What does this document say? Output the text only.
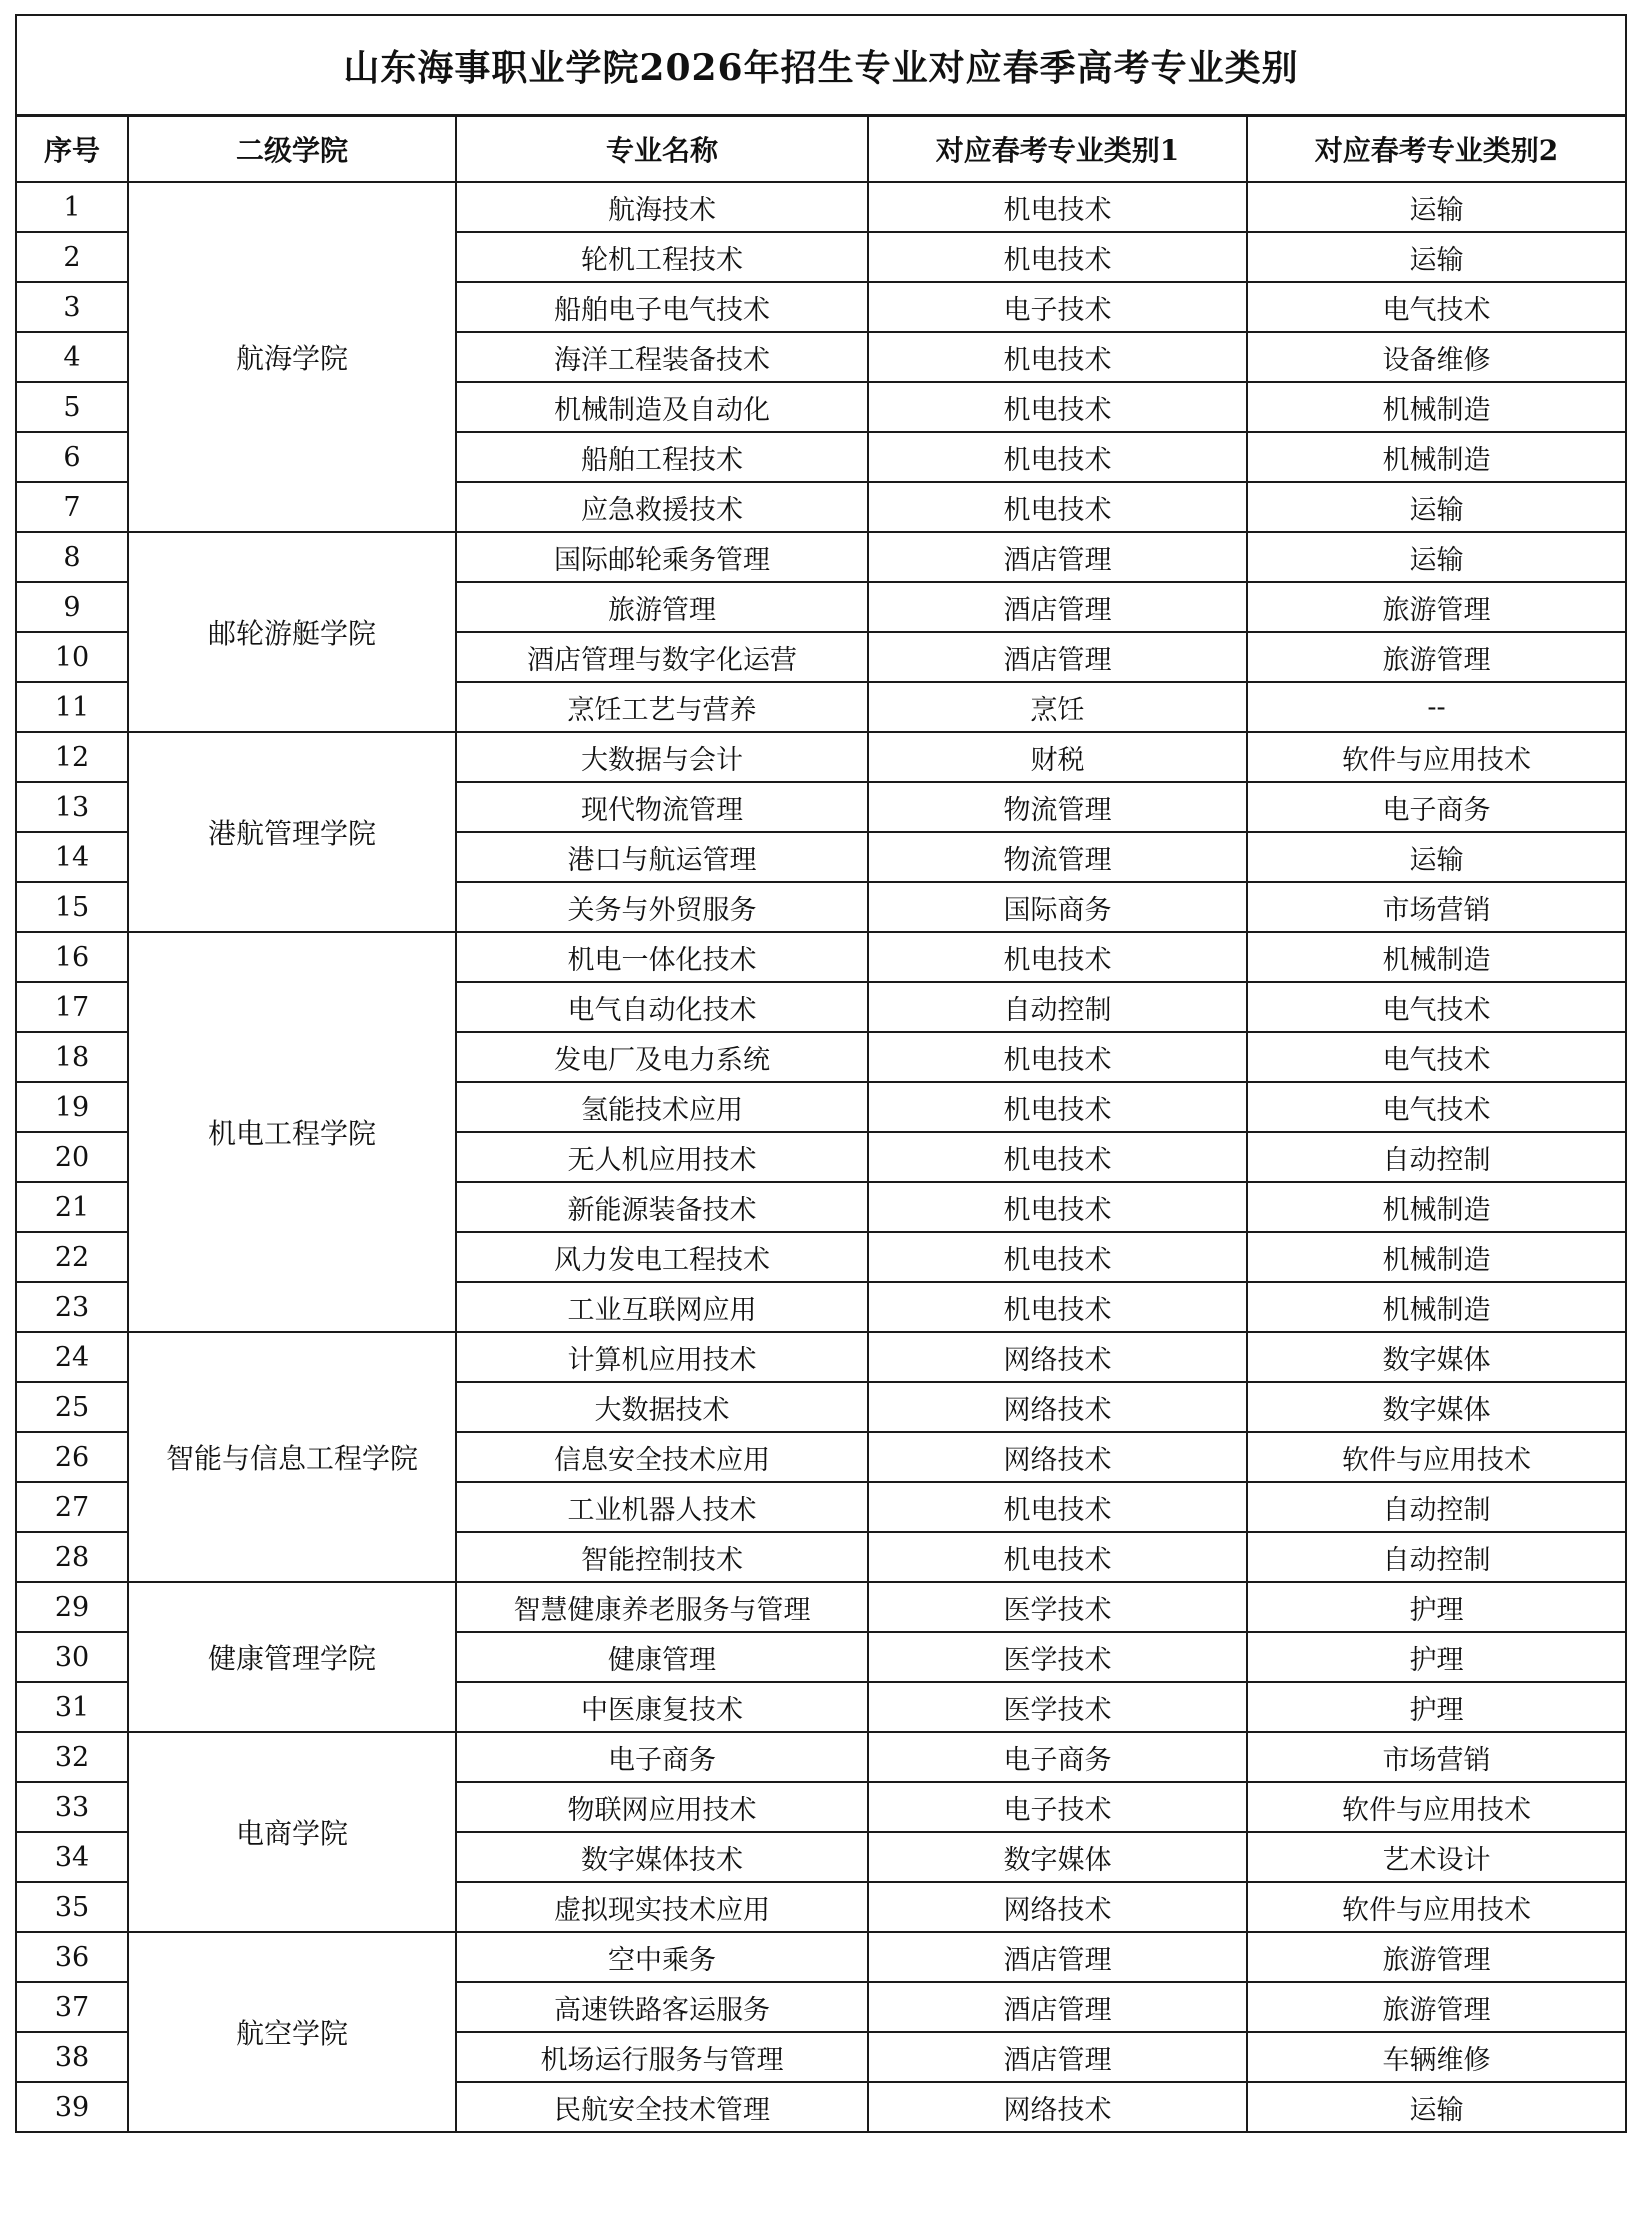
山东海事职业学院2026年招生专业对应春季高考专业类别				
序号	二级学院	专业名称	对应春考专业类别1	对应春考专业类别2
1	航海学院	航海技术	机电技术	运输
2		轮机工程技术	机电技术	运输
3		船舶电子电气技术	电子技术	电气技术
4		海洋工程装备技术	机电技术	设备维修
5		机械制造及自动化	机电技术	机械制造
6		船舶工程技术	机电技术	机械制造
7		应急救援技术	机电技术	运输
8	邮轮游艇学院	国际邮轮乘务管理	酒店管理	运输
9		旅游管理	酒店管理	旅游管理
10		酒店管理与数字化运营	酒店管理	旅游管理
11		烹饪工艺与营养	烹饪	--
12	港航管理学院	大数据与会计	财税	软件与应用技术
13		现代物流管理	物流管理	电子商务
14		港口与航运管理	物流管理	运输
15		关务与外贸服务	国际商务	市场营销
16	机电工程学院	机电一体化技术	机电技术	机械制造
17		电气自动化技术	自动控制	电气技术
18		发电厂及电力系统	机电技术	电气技术
19		氢能技术应用	机电技术	电气技术
20		无人机应用技术	机电技术	自动控制
21		新能源装备技术	机电技术	机械制造
22		风力发电工程技术	机电技术	机械制造
23		工业互联网应用	机电技术	机械制造
24	智能与信息工程学院	计算机应用技术	网络技术	数字媒体
25		大数据技术	网络技术	数字媒体
26		信息安全技术应用	网络技术	软件与应用技术
27		工业机器人技术	机电技术	自动控制
28		智能控制技术	机电技术	自动控制
29	健康管理学院	智慧健康养老服务与管理	医学技术	护理
30		健康管理	医学技术	护理
31		中医康复技术	医学技术	护理
32	电商学院	电子商务	电子商务	市场营销
33		物联网应用技术	电子技术	软件与应用技术
34		数字媒体技术	数字媒体	艺术设计
35		虚拟现实技术应用	网络技术	软件与应用技术
36	航空学院	空中乘务	酒店管理	旅游管理
37		高速铁路客运服务	酒店管理	旅游管理
38		机场运行服务与管理	酒店管理	车辆维修
39		民航安全技术管理	网络技术	运输
